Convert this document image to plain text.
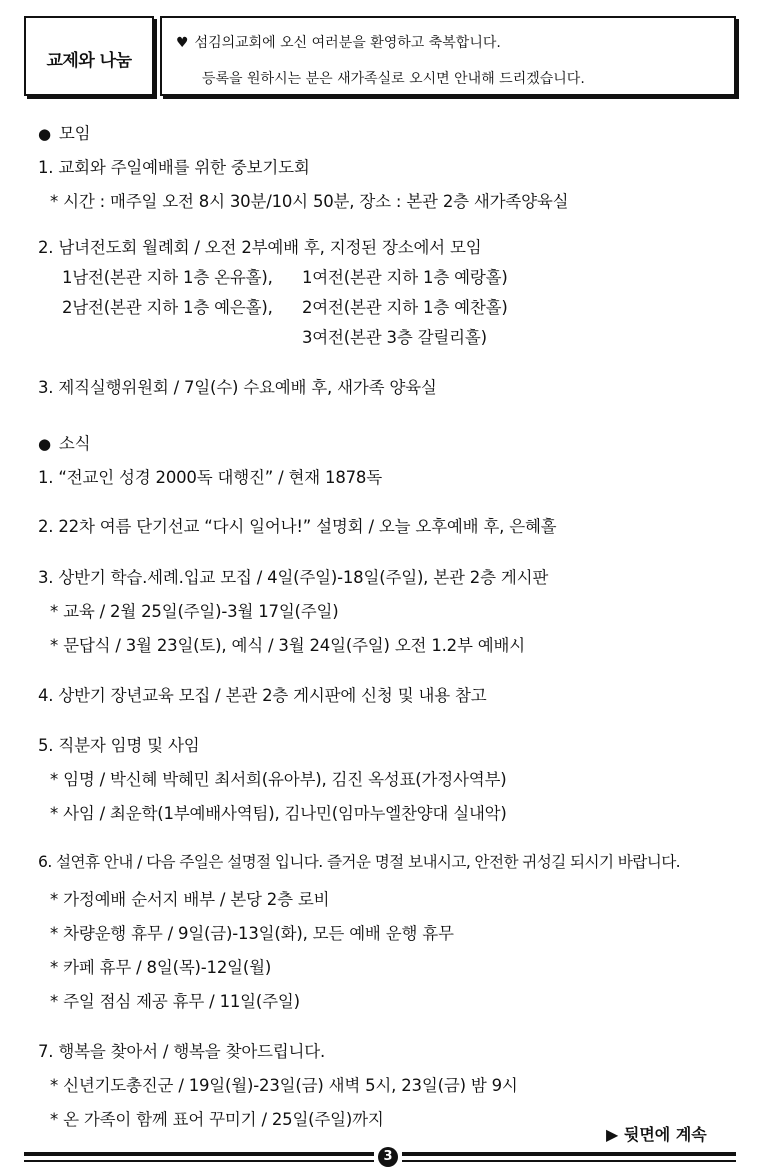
교제와 나눔
♥ 섬김의교회에 오신 여러분을 환영하고 축복합니다.
등록을 원하시는 분은 새가족실로 오시면 안내해 드리겠습니다.
● 모임
1. 교회와 주일예배를 위한 중보기도회
* 시간 : 매주일 오전 8시 30분/10시 50분, 장소 : 본관 2층 새가족양육실
2. 남녀전도회 월례회 / 오전 2부예배 후, 지정된 장소에서 모임
1남전(본관 지하 1층 온유홀), 1여전(본관 지하 1층 예랑홀)
2남전(본관 지하 1층 예은홀), 2여전(본관 지하 1층 예찬홀)
3여전(본관 3층 갈릴리홀)
3. 제직실행위원회 / 7일(수) 수요예배 후, 새가족 양육실
● 소식
1. “전교인 성경 2000독 대행진” / 현재 1878독
2. 22차 여름 단기선교 “다시 일어나!” 설명회 / 오늘 오후예배 후, 은혜홀
3. 상반기 학습.세례.입교 모집 / 4일(주일)-18일(주일), 본관 2층 게시판
* 교육 / 2월 25일(주일)-3월 17일(주일)
* 문답식 / 3월 23일(토), 예식 / 3월 24일(주일) 오전 1.2부 예배시
4. 상반기 장년교육 모집 / 본관 2층 게시판에 신청 및 내용 참고
5. 직분자 임명 및 사임
* 임명 / 박신혜 박혜민 최서희(유아부), 김진 옥성표(가정사역부)
* 사임 / 최운학(1부예배사역팀), 김나민(임마누엘찬양대 실내악)
6. 설연휴 안내 / 다음 주일은 설명절 입니다. 즐거운 명절 보내시고, 안전한 귀성길 되시기 바랍니다.
* 가정예배 순서지 배부 / 본당 2층 로비
* 차량운행 휴무 / 9일(금)-13일(화), 모든 예배 운행 휴무
* 카페 휴무 / 8일(목)-12일(월)
* 주일 점심 제공 휴무 / 11일(주일)
7. 행복을 찾아서 / 행복을 찾아드립니다.
* 신년기도총진군 / 19일(월)-23일(금) 새벽 5시, 23일(금) 밤 9시
* 온 가족이 함께 표어 꾸미기 / 25일(주일)까지
▶ 뒷면에 계속
3
